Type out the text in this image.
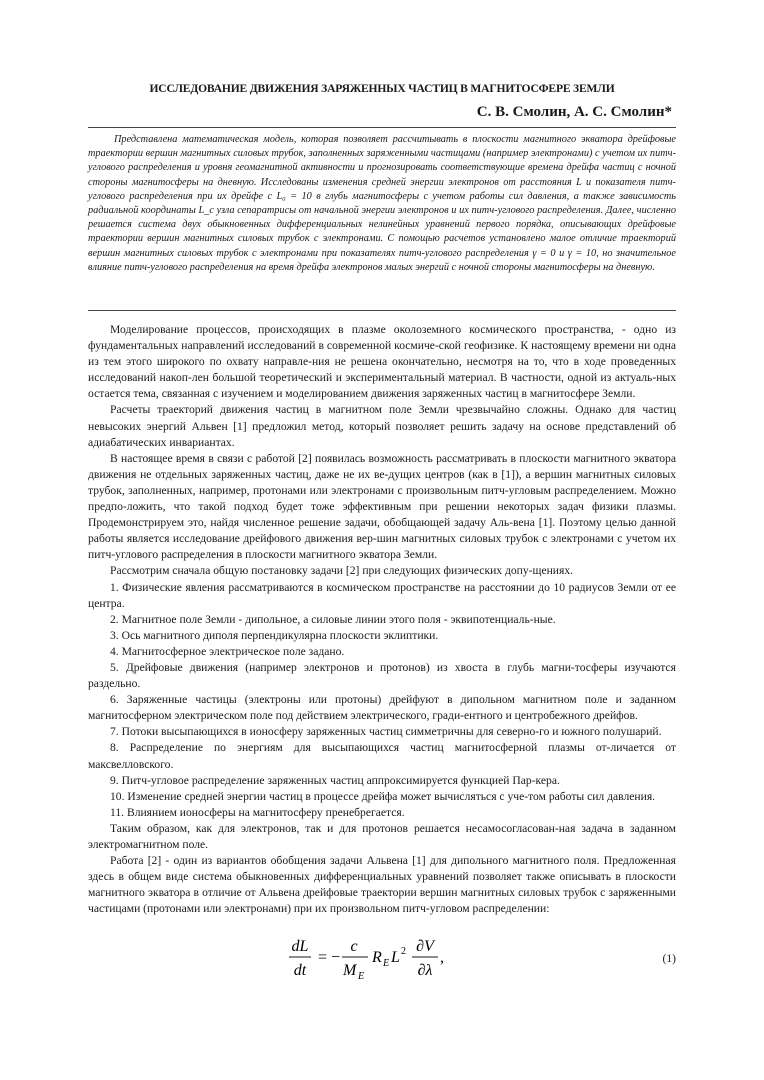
ИССЛЕДОВАНИЕ ДВИЖЕНИЯ ЗАРЯЖЕННЫХ ЧАСТИЦ В МАГНИТОСФЕРЕ ЗЕМЛИ
С. В. Смолин, А. С. Смолин*
Представлена математическая модель, которая позволяет рассчитывать в плоскости магнитного экватора дрейфовые траектории вершин магнитных силовых трубок, заполненных заряженными частицами (например электронами) с учетом их питч-углового распределения и уровня геомагнитной активности и прогнозировать соответствующие времена дрейфа частиц с ночной стороны магнитосферы на дневную. Исследованы изменения средней энергии электронов от расстояния L и показателя питч-углового распределения при их дрейфе с L₀ = 10 в глубь магнитосферы с учетом работы сил давления, а также зависимость радиальной координаты L_с узла сепаратрисы от начальной энергии электронов и их питч-углового распределения. Далее, численно решается система двух обыкновенных дифференциальных нелинейных уравнений первого порядка, описывающих дрейфовые траектории вершин магнитных силовых трубок с электронами. С помощью расчетов установлено малое отличие траекторий вершин магнитных силовых трубок с электронами при показателях питч-углового распределения γ = 0 и γ = 10, но значительное влияние питч-углового распределения на время дрейфа электронов малых энергий с ночной стороны магнитосферы на дневную.

Моделирование процессов, происходящих в плазме околоземного космического пространства, - одно из фундаментальных направлений исследований в современной космиче-ской геофизике. К настоящему времени ни одна из тем этого широкого по охвату направле-ния не решена окончательно, несмотря на то, что в ходе проведенных исследований накоп-лен большой теоретический и экспериментальный материал. В частности, одной из актуаль-ных остается тема, связанная с изучением и моделированием движения заряженных частиц в магнитосфере Земли.

Расчеты траекторий движения частиц в магнитном поле Земли чрезвычайно сложны. Однако для частиц невысоких энергий Альвен [1] предложил метод, который позволяет решить задачу на основе представлений об адиабатических инвариантах.

В настоящее время в связи с работой [2] появилась возможность рассматривать в плоскости магнитного экватора движения не отдельных заряженных частиц, даже не их ве-дущих центров (как в [1]), а вершин магнитных силовых трубок, заполненных, например, протонами или электронами с произвольным питч-угловым распределением. Можно предпо-ложить, что такой подход будет тоже эффективным при решении некоторых задач физики плазмы. Продемонстрируем это, найдя численное решение задачи, обобщающей задачу Аль-вена [1]. Поэтому целью данной работы является исследование дрейфового движения вер-шин магнитных силовых трубок с электронами с учетом их питч-углового распределения в плоскости магнитного экватора Земли.

Рассмотрим сначала общую постановку задачи [2] при следующих физических допу-щениях.

1. Физические явления рассматриваются в космическом пространстве на расстоянии до 10 радиусов Земли от ее центра.

2. Магнитное поле Земли - дипольное, а силовые линии этого поля - эквипотенциаль-ные.

3. Ось магнитного диполя перпендикулярна плоскости эклиптики.

4. Магнитосферное электрическое поле задано.

5. Дрейфовые движения (например электронов и протонов) из хвоста в глубь магни-тосферы изучаются раздельно.

6. Заряженные частицы (электроны или протоны) дрейфуют в дипольном магнитном поле и заданном магнитосферном электрическом поле под действием электрического, гради-ентного и центробежного дрейфов.

7. Потоки высыпающихся в ионосферу заряженных частиц симметричны для северно-го и южного полушарий.

8. Распределение по энергиям для высыпающихся частиц магнитосферной плазмы от-личается от максвелловского.

9. Питч-угловое распределение заряженных частиц аппроксимируется функцией Пар-кера.

10. Изменение средней энергии частиц в процессе дрейфа может вычисляться с уче-том работы сил давления.

11. Влиянием ионосферы на магнитосферу пренебрегается.

Таким образом, как для электронов, так и для протонов решается несамосогласован-ная задача в заданном электромагнитном поле.

Работа [2] - один из вариантов обобщения задачи Альвена [1] для дипольного магнитного поля. Предложенная здесь в общем виде система обыкновенных дифференциальных уравнений позволяет также описывать в плоскости магнитного экватора в отличие от Альвена дрейфовые траектории вершин магнитных силовых трубок с заряженными частицами (протонами или электронами) при их произвольном питч-угловом распределении:

dL
dt
= −
c
M E
R E L 2 ∂V
∂λ
,	(1)
